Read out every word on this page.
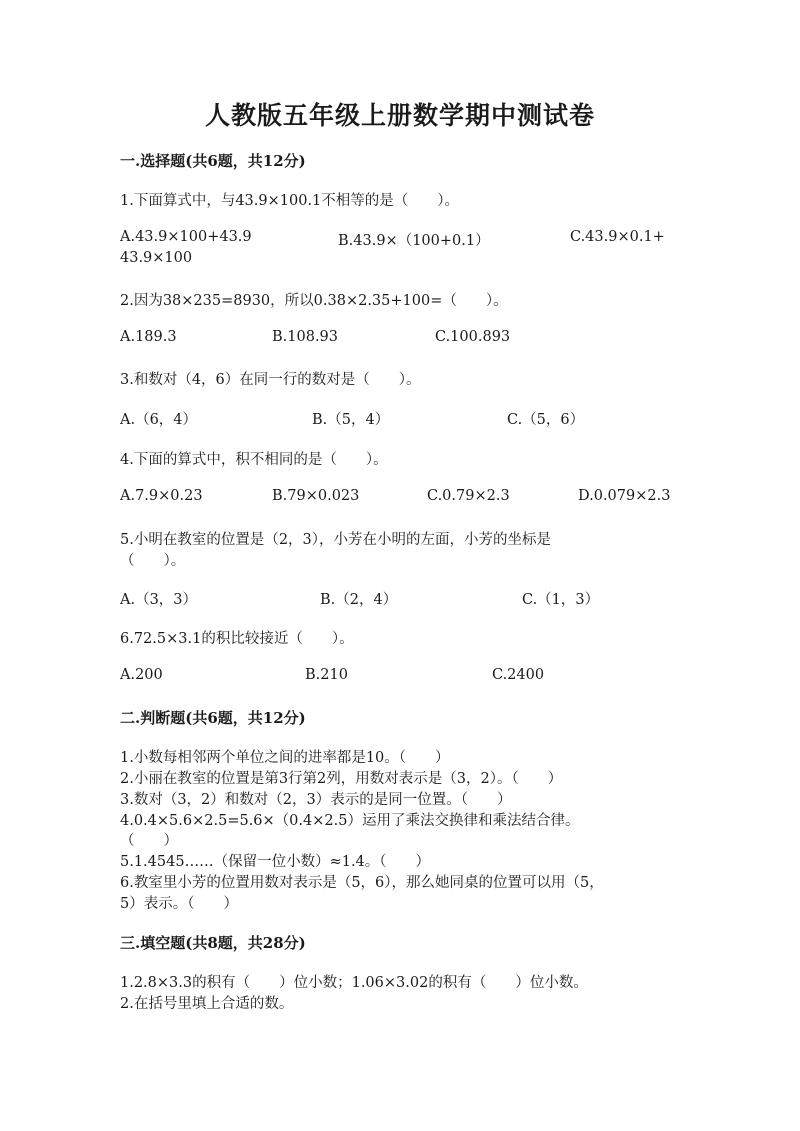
人教版五年级上册数学期中测试卷
一.选择题(共6题，共12分)
1.下面算式中，与43.9×100.1不相等的是（　　）。
A.43.9×100+43.9	B.43.9×（100+0.1）	C.43.9×0.1+
43.9×100
2.因为38×235=8930，所以0.38×2.35+100=（　　）。
A.189.3	B.108.93	C.100.893
3.和数对（4，6）在同一行的数对是（　　）。
A.（6，4）	B.（5，4）	C.（5，6）
4.下面的算式中，积不相同的是（　　）。
A.7.9×0.23	B.79×0.023	C.0.79×2.3	D.0.079×2.3
5.小明在教室的位置是（2，3），小芳在小明的左面，小芳的坐标是
（　　）。
A.（3，3）	B.（2，4）	C.（1，3）
6.72.5×3.1的积比较接近（　　）。
A.200	B.210	C.2400
二.判断题(共6题，共12分)
1.小数每相邻两个单位之间的进率都是10。（　　）
2.小丽在教室的位置是第3行第2列，用数对表示是（3，2）。（　　）
3.数对（3，2）和数对（2，3）表示的是同一位置。（　　）
4.0.4×5.6×2.5=5.6×（0.4×2.5）运用了乘法交换律和乘法结合律。
（　　）
5.1.4545……（保留一位小数）≈1.4。（　　）
6.教室里小芳的位置用数对表示是（5，6），那么她同桌的位置可以用（5，
5）表示。（　　）
三.填空题(共8题，共28分)
1.2.8×3.3的积有（　　）位小数；1.06×3.02的积有（　　）位小数。
2.在括号里填上合适的数。
